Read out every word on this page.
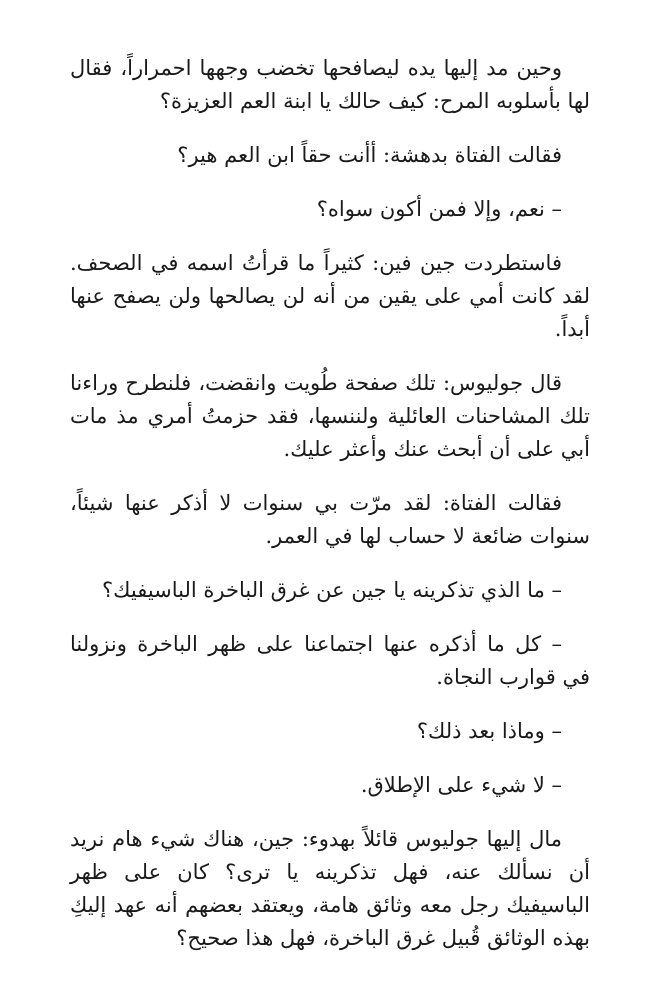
وحين مد إليها يده ليصافحها تخضب وجهها احمراراً، فقال لها بأسلوبه المرح: كيف حالك يا ابنة العم العزيزة؟

فقالت الفتاة بدهشة: أأنت حقاً ابن العم هير؟

– نعم، وإلا فمن أكون سواه؟

فاستطردت جين فين: كثيراً ما قرأتُ اسمه في الصحف. لقد كانت أمي على يقين من أنه لن يصالحها ولن يصفح عنها أبداً.

قال جوليوس: تلك صفحة طُويت وانقضت، فلنطرح وراءنا تلك المشاحنات العائلية ولننسها، فقد حزمتُ أمري مذ مات أبي على أن أبحث عنك وأعثر عليك.

فقالت الفتاة: لقد مرّت بي سنوات لا أذكر عنها شيئاً، سنوات ضائعة لا حساب لها في العمر.

– ما الذي تذكرينه يا جين عن غرق الباخرة الباسيفيك؟

– كل ما أذكره عنها اجتماعنا على ظهر الباخرة ونزولنا في قوارب النجاة.

– وماذا بعد ذلك؟

– لا شيء على الإطلاق.

مال إليها جوليوس قائلاً بهدوء: جين، هناك شيء هام نريد أن نسألك عنه، فهل تذكرينه يا ترى؟ كان على ظهر الباسيفيك رجل معه وثائق هامة، ويعتقد بعضهم أنه عهد إليكِ بهذه الوثائق قُبيل غرق الباخرة، فهل هذا صحيح؟
